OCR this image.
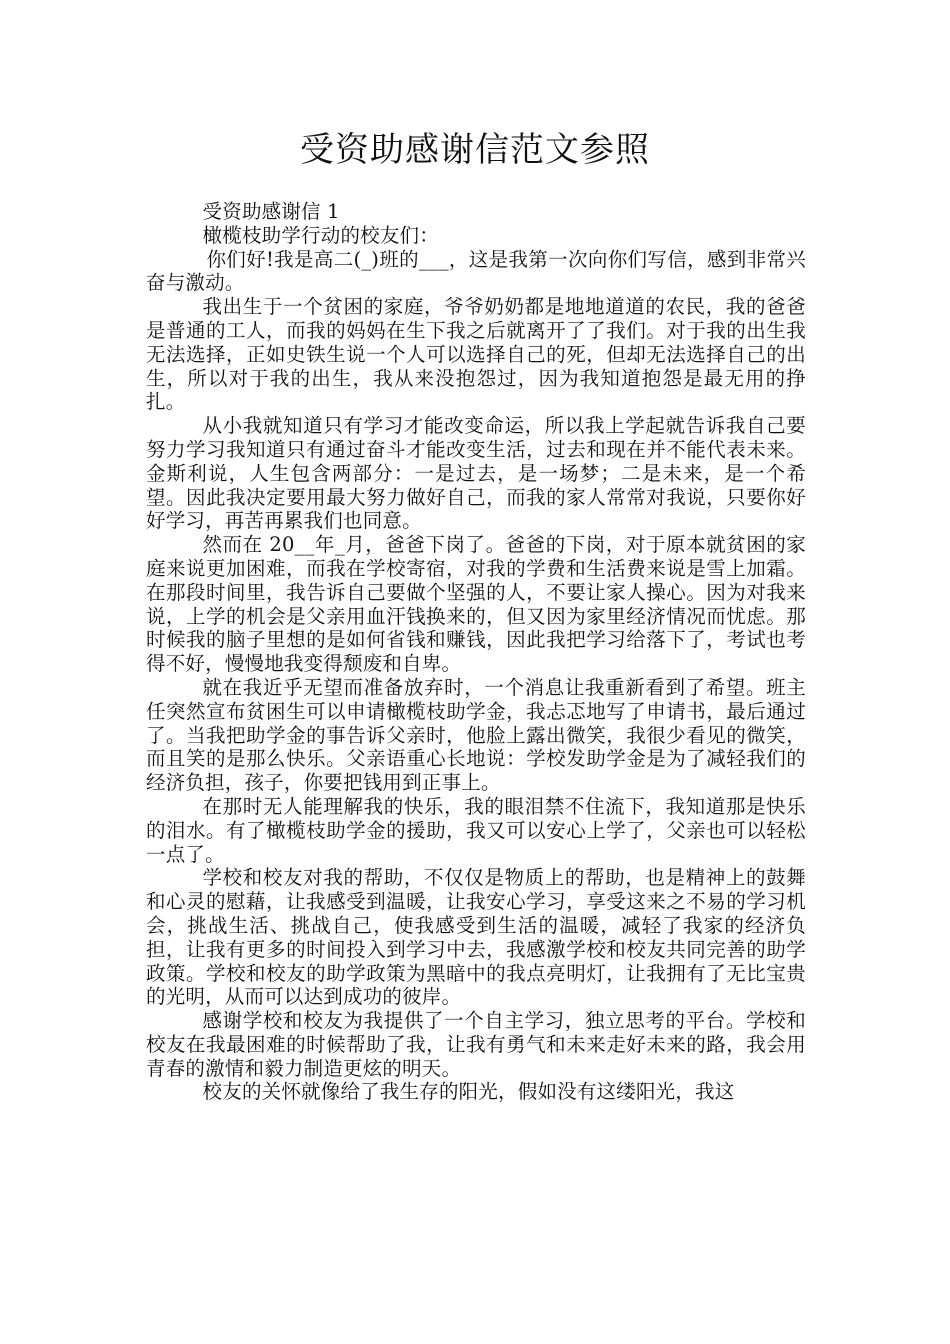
受资助感谢信范文参照

受资助感谢信 1

橄榄枝助学行动的校友们：

你们好!我是高二(_)班的___，这是我第一次向你们写信，感到非常兴奋与激动。

我出生于一个贫困的家庭，爷爷奶奶都是地地道道的农民，我的爸爸是普通的工人，而我的妈妈在生下我之后就离开了了我们。对于我的出生我无法选择，正如史铁生说一个人可以选择自己的死，但却无法选择自己的出生，所以对于我的出生，我从来没抱怨过，因为我知道抱怨是最无用的挣扎。

从小我就知道只有学习才能改变命运，所以我上学起就告诉我自己要努力学习我知道只有通过奋斗才能改变生活，过去和现在并不能代表未来。金斯利说，人生包含两部分：一是过去，是一场梦；二是未来，是一个希望。因此我决定要用最大努力做好自己，而我的家人常常对我说，只要你好好学习，再苦再累我们也同意。

然而在 20__年_月，爸爸下岗了。爸爸的下岗，对于原本就贫困的家庭来说更加困难，而我在学校寄宿，对我的学费和生活费来说是雪上加霜。在那段时间里，我告诉自己要做个坚强的人，不要让家人操心。因为对我来说，上学的机会是父亲用血汗钱换来的，但又因为家里经济情况而忧虑。那时候我的脑子里想的是如何省钱和赚钱，因此我把学习给落下了，考试也考得不好，慢慢地我变得颓废和自卑。

就在我近乎无望而准备放弃时，一个消息让我重新看到了希望。班主任突然宣布贫困生可以申请橄榄枝助学金，我忐忑地写了申请书，最后通过了。当我把助学金的事告诉父亲时，他脸上露出微笑，我很少看见的微笑，而且笑的是那么快乐。父亲语重心长地说：学校发助学金是为了减轻我们的经济负担，孩子，你要把钱用到正事上。

在那时无人能理解我的快乐，我的眼泪禁不住流下，我知道那是快乐的泪水。有了橄榄枝助学金的援助，我又可以安心上学了，父亲也可以轻松一点了。

学校和校友对我的帮助，不仅仅是物质上的帮助，也是精神上的鼓舞和心灵的慰藉，让我感受到温暖，让我安心学习，享受这来之不易的学习机会，挑战生活、挑战自己，使我感受到生活的温暖，减轻了我家的经济负担，让我有更多的时间投入到学习中去，我感激学校和校友共同完善的助学政策。学校和校友的助学政策为黑暗中的我点亮明灯，让我拥有了无比宝贵的光明，从而可以达到成功的彼岸。

感谢学校和校友为我提供了一个自主学习，独立思考的平台。学校和校友在我最困难的时候帮助了我，让我有勇气和未来走好未来的路，我会用青春的激情和毅力制造更炫的明天。

校友的关怀就像给了我生存的阳光，假如没有这缕阳光，我这
